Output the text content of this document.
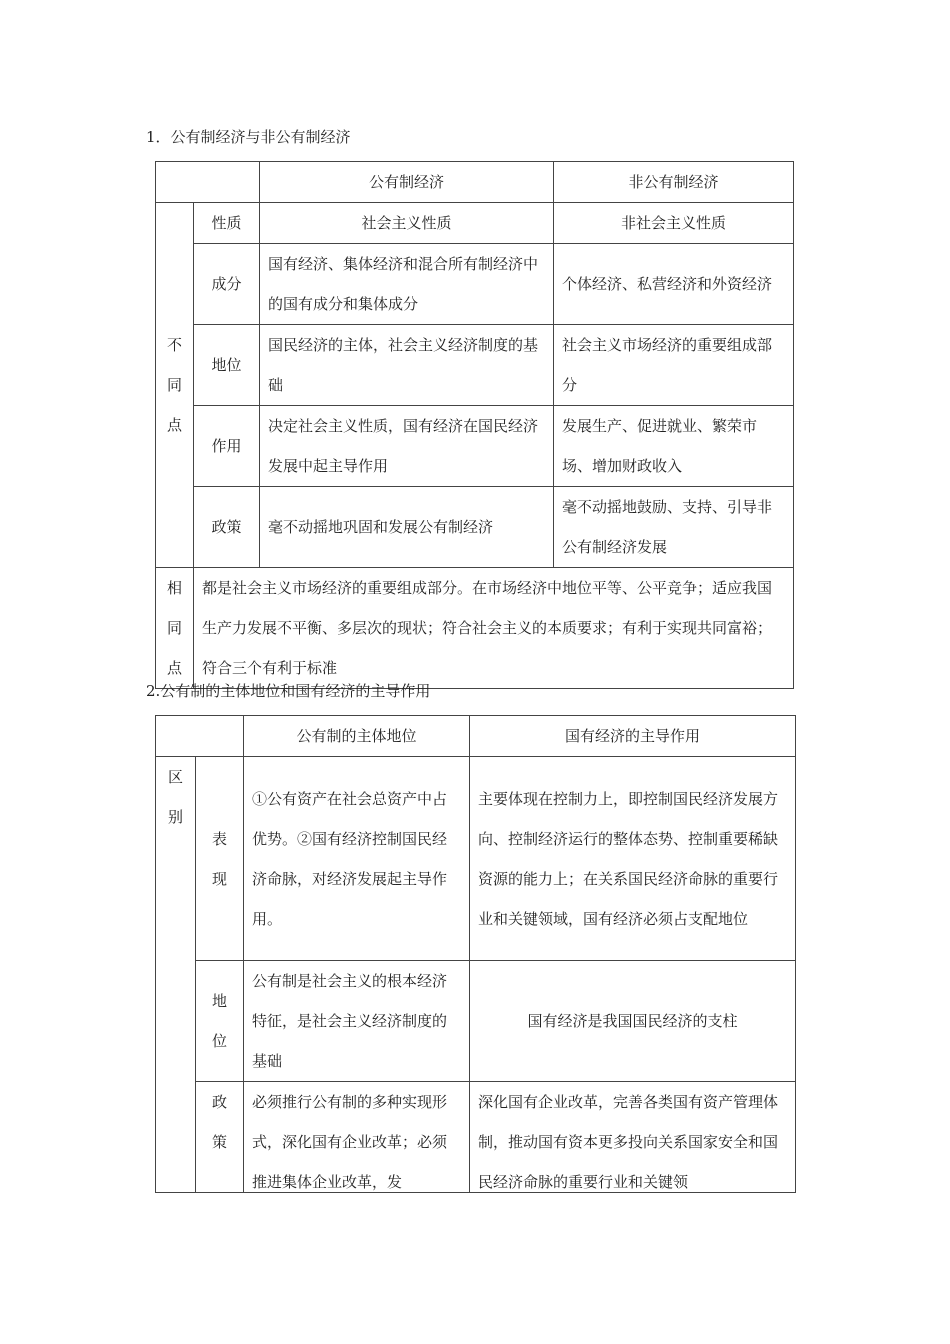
1．公有制经济与非公有制经济
		公有制经济	非公有制经济

不同点	性质	社会主义性质	非社会主义性质
	成分	国有经济、集体经济和混合所有制经济中的国有成分和集体成分	个体经济、私营经济和外资经济
	地位	国民经济的主体，社会主义经济制度的基础	社会主义市场经济的重要组成部分
	作用	决定社会主义性质，国有经济在国民经济发展中起主导作用	发展生产、促进就业、繁荣市场、增加财政收入
	政策	毫不动摇地巩固和发展公有制经济	毫不动摇地鼓励、支持、引导非公有制经济发展

相同点	都是社会主义市场经济的重要组成部分。在市场经济中地位平等、公平竞争；适应我国生产力发展不平衡、多层次的现状；符合社会主义的本质要求；有利于实现共同富裕；符合三个有利于标准		
2.公有制的主体地位和国有经济的主导作用
		公有制的主体地位	国有经济的主导作用

区别	表现	①公有资产在社会总资产中占优势。②国有经济控制国民经济命脉，对经济发展起主导作用。	主要体现在控制力上，即控制国民经济发展方向、控制经济运行的整体态势、控制重要稀缺资源的能力上；在关系国民经济命脉的重要行业和关键领域，国有经济必须占支配地位

	地位	公有制是社会主义的根本经济特征，是社会主义经济制度的基础	国有经济是我国国民经济的支柱

	政策	必须推行公有制的多种实现形式，深化国有企业改革；必须推进集体企业改革，发	深化国有企业改革，完善各类国有资产管理体制，推动国有资本更多投向关系国家安全和国民经济命脉的重要行业和关键领
